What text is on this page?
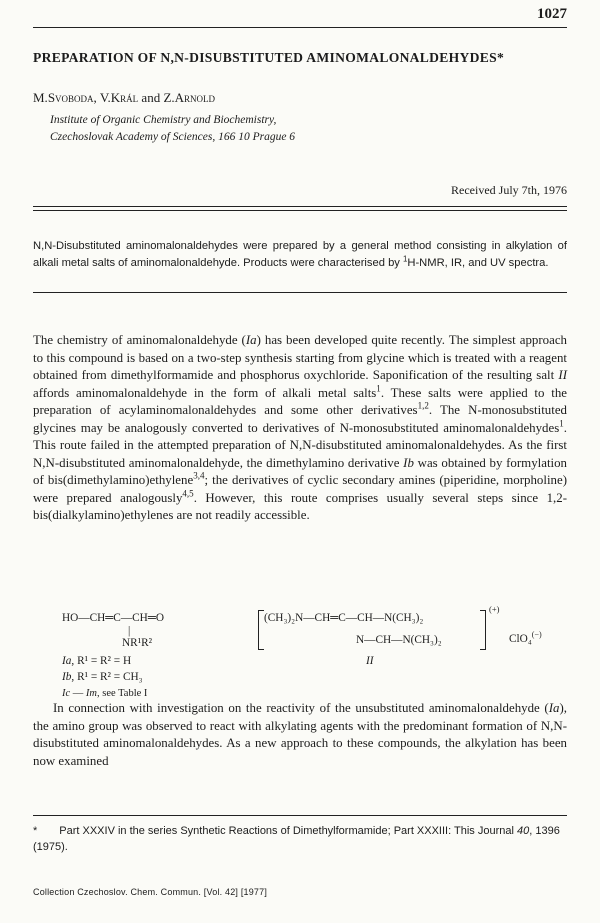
1027
PREPARATION OF N,N-DISUBSTITUTED AMINOMALONALDEHYDES*
M.Svoboda, V.Král and Z.Arnold
Institute of Organic Chemistry and Biochemistry,
Czechoslovak Academy of Sciences, 166 10 Prague 6
Received July 7th, 1976
N,N-Disubstituted aminomalonaldehydes were prepared by a general method consisting in alkylation of alkali metal salts of aminomalonaldehyde. Products were characterised by $^1$H-NMR, IR, and UV spectra.
The chemistry of aminomalonaldehyde (Ia) has been developed quite recently. The simplest approach to this compound is based on a two-step synthesis starting from glycine which is treated with a reagent obtained from dimethylformamide and phosphorus oxychloride. Saponification of the resulting salt II affords aminomalonaldehyde in the form of alkali metal salts$^1$. These salts were applied to the preparation of acylaminomalonaldehydes and some other derivatives$^{1,2}$. The N-monosubstituted glycines may be analogously converted to derivatives of N-monosubstituted aminomalonaldehydes$^1$. This route failed in the attempted preparation of N,N-disubstituted aminomalonaldehydes. As the first N,N-disubstituted aminomalonaldehyde, the dimethylamino derivative Ib was obtained by formylation of bis(dimethylamino)ethylene$^{3,4}$; the derivatives of cyclic secondary amines (piperidine, morpholine) were prepared analogously$^{4,5}$. However, this route comprises usually several steps since 1,2-bis(dialkylamino)ethylenes are not readily accessible.
HO—CH═C—CH═O
|
NR¹R²
Ia, R¹ = R² = H
Ib, R¹ = R² = CH₃
Ic — Im, see Table I
(CH₃)₂N—CH═C—CH—N(CH₃)₂
(+)
N—CH—N(CH₃)₂
II
ClO₄(−)
In connection with investigation on the reactivity of the unsubstituted aminomalonaldehyde (Ia), the amino group was observed to react with alkylating agents with the predominant formation of N,N-disubstituted aminomalonaldehydes. As a new approach to these compounds, the alkylation has been now examined
* Part XXXIV in the series Synthetic Reactions of Dimethylformamide; Part XXXIII: This Journal 40, 1396 (1975).
Collection Czechoslov. Chem. Commun. [Vol. 42] [1977]
